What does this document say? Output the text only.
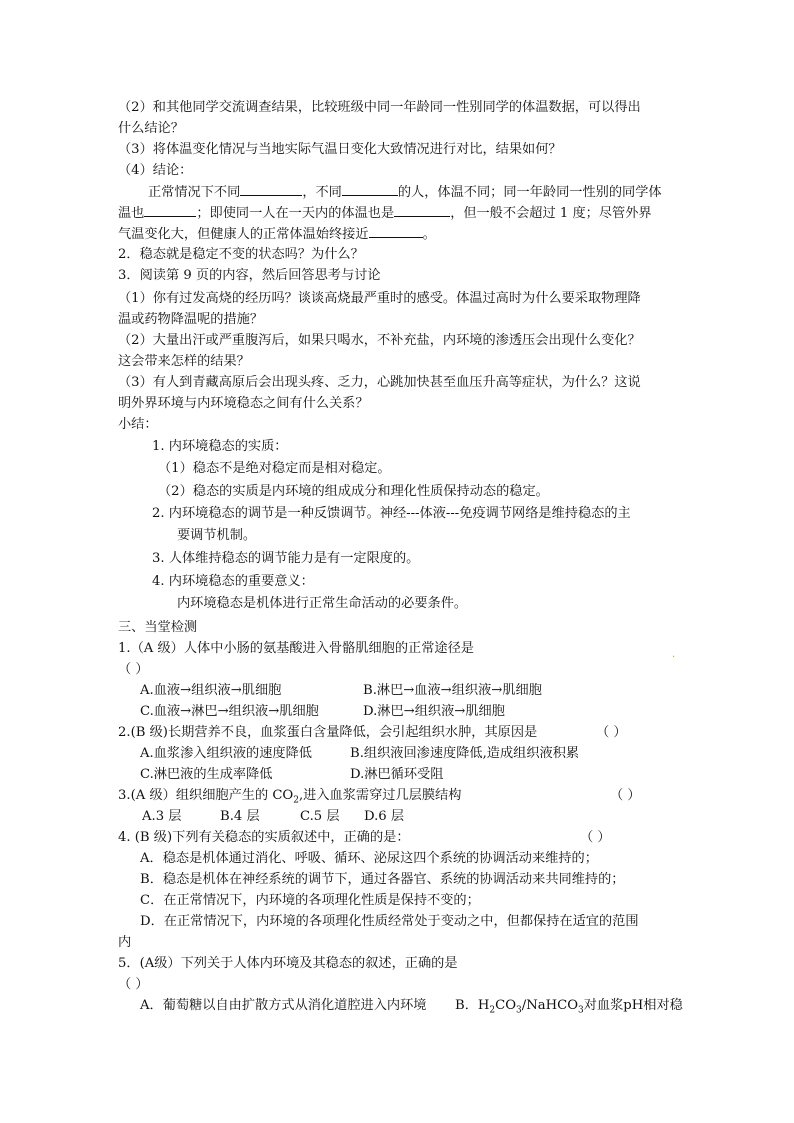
（2）和其他同学交流调查结果，比较班级中同一年龄同一性别同学的体温数据，可以得出
什么结论？
（3）将体温变化情况与当地实际气温日变化大致情况进行对比，结果如何？
（4）结论：
正常情况下不同	，不同	的人，体温不同；同一年龄同一性别的同学体
温也	；即使同一人在一天内的体温也是	，但一般不会超过 1 度；尽管外界
气温变化大，但健康人的正常体温始终接近	。
2．稳态就是稳定不变的状态吗？为什么？
3．阅读第 9 页的内容，然后回答思考与讨论
（1）你有过发高烧的经历吗？谈谈高烧最严重时的感受。体温过高时为什么要采取物理降
温或药物降温呢的措施？
（2）大量出汗或严重腹泻后，如果只喝水，不补充盐，内环境的渗透压会出现什么变化？
这会带来怎样的结果？
（3）有人到青藏高原后会出现头疼、乏力，心跳加快甚至血压升高等症状，为什么？这说
明外界环境与内环境稳态之间有什么关系？
小结：
1. 内环境稳态的实质：
（1）稳态不是绝对稳定而是相对稳定。
（2）稳态的实质是内环境的组成成分和理化性质保持动态的稳定。
2. 内环境稳态的调节是一种反馈调节。神经---体液---免疫调节网络是维持稳态的主
要调节机制。
3. 人体维持稳态的调节能力是有一定限度的。
4. 内环境稳态的重要意义：
内环境稳态是机体进行正常生命活动的必要条件。
三、当堂检测
1.（A 级）人体中小肠的氨基酸进入骨骼肌细胞的正常途径是	.
（ ）
A.血液→组织液→肌细胞	B.淋巴→血液→组织液→肌细胞
C.血液→淋巴→组织液→肌细胞	D.淋巴→组织液→肌细胞
2.(B 级)长期营养不良，血浆蛋白含量降低，会引起组织水肿，其原因是	（ ）
A.血浆渗入组织液的速度降低	B.组织液回渗速度降低,造成组织液积累
C.淋巴液的生成率降低	D.淋巴循环受阻
3.(A 级）组织细胞产生的 $CO_2$,进入血浆需穿过几层膜结构	（ ）
A.3 层	B.4 层	C.5 层 D.6 层
4. (B 级)下列有关稳态的实质叙述中，正确的是：	（ ）
A．稳态是机体通过消化、呼吸、循环、泌尿这四个系统的协调活动来维持的；
B．稳态是机体在神经系统的调节下，通过各器官、系统的协调活动来共同维持的；
C．在正常情况下，内环境的各项理化性质是保持不变的；
D．在正常情况下，内环境的各项理化性质经常处于变动之中，但都保持在适宜的范围
内
5．(A级）下列关于人体内环境及其稳态的叙述，正确的是
（ ）
A．葡萄糖以自由扩散方式从消化道腔进入内环境 B．$H_2CO_3/NaHCO_3$对血浆pH相对稳
